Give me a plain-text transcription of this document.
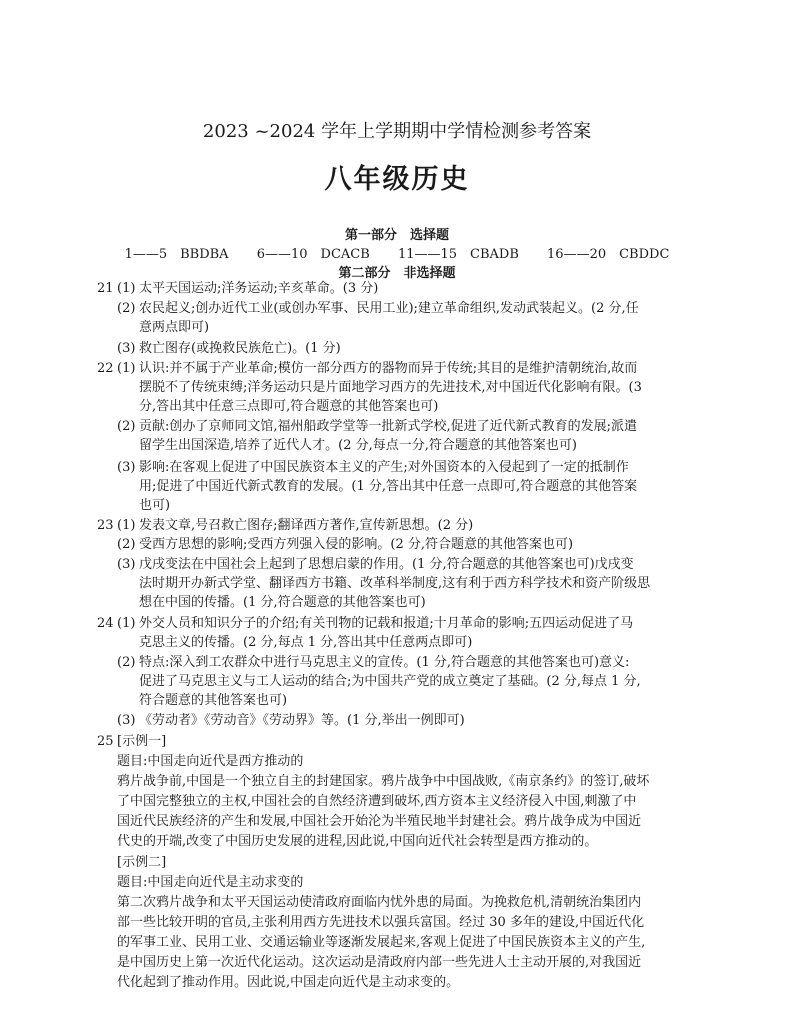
2023 ~2024 学年上学期期中学情检测参考答案
八年级历史
第一部分　选择题
1——5　BBDBA 6——10　DCACB 11——15　CBADB 16——20　CBDDC
第二部分　非选择题
21 (1) 太平天国运动;洋务运动;辛亥革命。(3 分)
(2) 农民起义;创办近代工业(或创办军事、民用工业);建立革命组织,发动武装起义。(2 分,任
意两点即可)
(3) 救亡图存(或挽救民族危亡)。(1 分)
22 (1) 认识:并不属于产业革命;模仿一部分西方的器物而异于传统;其目的是维护清朝统治,故而
摆脱不了传统束缚;洋务运动只是片面地学习西方的先进技术,对中国近代化影响有限。(3
分,答出其中任意三点即可,符合题意的其他答案也可)
(2) 贡献:创办了京师同文馆,福州船政学堂等一批新式学校,促进了近代新式教育的发展;派遣
留学生出国深造,培养了近代人才。(2 分,每点一分,符合题意的其他答案也可)
(3) 影响:在客观上促进了中国民族资本主义的产生;对外国资本的入侵起到了一定的抵制作
用;促进了中国近代新式教育的发展。(1 分,答出其中任意一点即可,符合题意的其他答案
也可)
23 (1) 发表文章,号召救亡图存;翻译西方著作,宣传新思想。(2 分)
(2) 受西方思想的影响;受西方列强入侵的影响。(2 分,符合题意的其他答案也可)
(3) 戊戌变法在中国社会上起到了思想启蒙的作用。(1 分,符合题意的其他答案也可)戊戌变
法时期开办新式学堂、翻译西方书籍、改革科举制度,这有利于西方科学技术和资产阶级思
想在中国的传播。(1 分,符合题意的其他答案也可)
24 (1) 外交人员和知识分子的介绍;有关刊物的记载和报道;十月革命的影响;五四运动促进了马
克思主义的传播。(2 分,每点 1 分,答出其中任意两点即可)
(2) 特点:深入到工农群众中进行马克思主义的宣传。(1 分,符合题意的其他答案也可)意义:
促进了马克思主义与工人运动的结合;为中国共产党的成立奠定了基础。(2 分,每点 1 分,
符合题意的其他答案也可)
(3) 《劳动者》《劳动音》《劳动界》等。(1 分,举出一例即可)
25 [示例一]
题目:中国走向近代是西方推动的
鸦片战争前,中国是一个独立自主的封建国家。鸦片战争中中国战败,《南京条约》的签订,破坏
了中国完整独立的主权,中国社会的自然经济遭到破坏,西方资本主义经济侵入中国,刺激了中
国近代民族经济的产生和发展,中国社会开始沦为半殖民地半封建社会。鸦片战争成为中国近
代史的开端,改变了中国历史发展的进程,因此说,中国向近代社会转型是西方推动的。
[示例二]
题目:中国走向近代是主动求变的
第二次鸦片战争和太平天国运动使清政府面临内忧外患的局面。为挽救危机,清朝统治集团内
部一些比较开明的官员,主张利用西方先进技术以强兵富国。经过 30 多年的建设,中国近代化
的军事工业、民用工业、交通运输业等逐渐发展起来,客观上促进了中国民族资本主义的产生,
是中国历史上第一次近代化运动。这次运动是清政府内部一些先进人士主动开展的,对我国近
代化起到了推动作用。因此说,中国走向近代是主动求变的。
